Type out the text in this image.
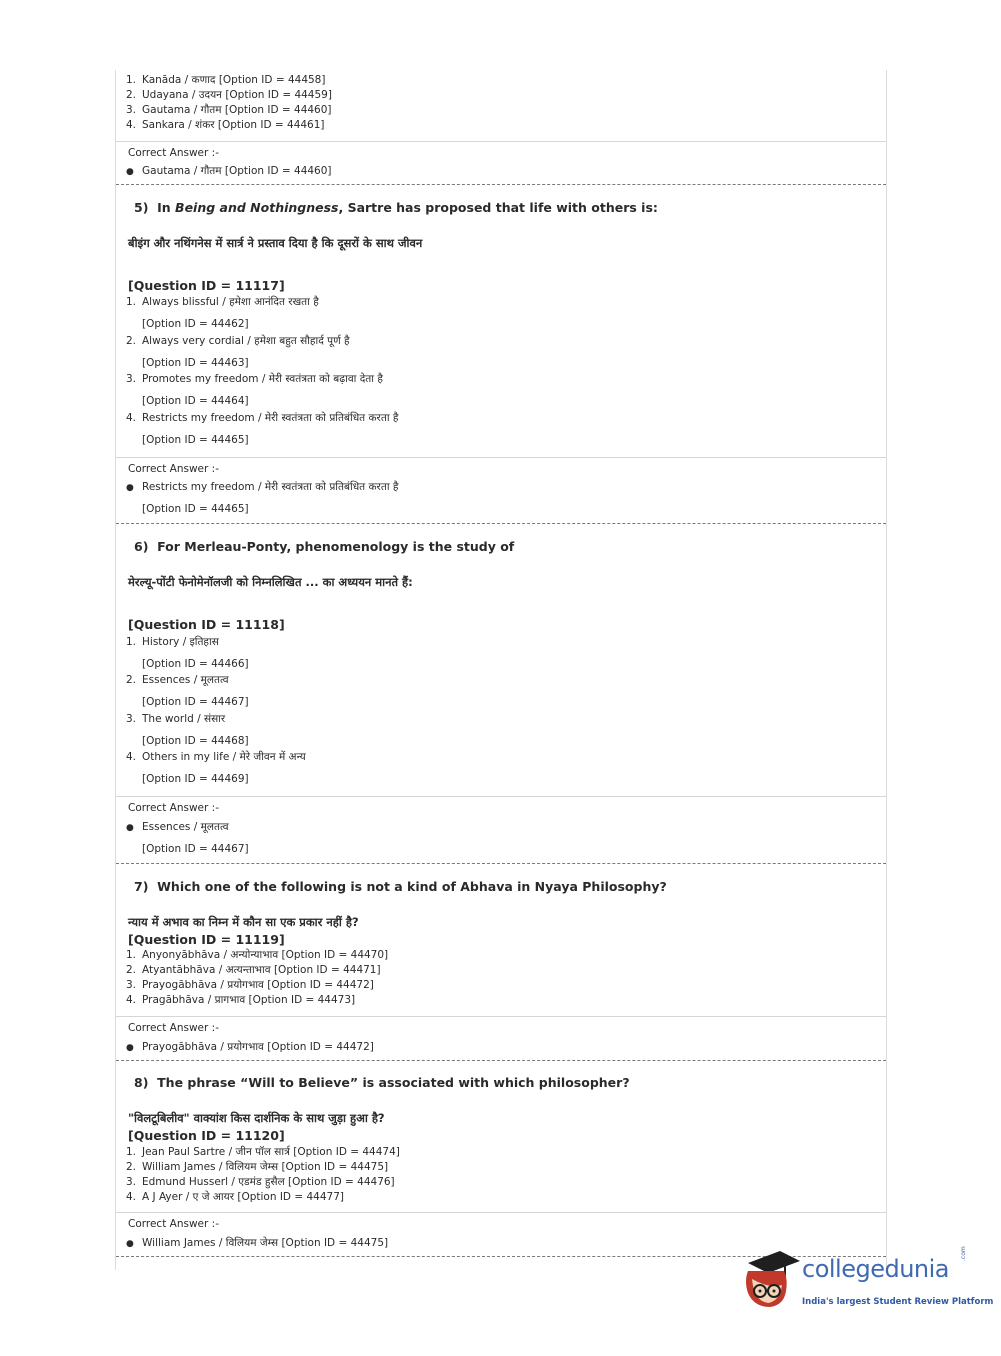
1. Kanāda / कणाद [Option ID = 44458]
2. Udayana / उदयन [Option ID = 44459]
3. Gautama / गौतम [Option ID = 44460]
4. Sankara / शंकर [Option ID = 44461]
Correct Answer :-
● Gautama / गौतम [Option ID = 44460]
5) In Being and Nothingness, Sartre has proposed that life with others is:
बीइंग और नथिंगनेस में सार्त्र ने प्रस्ताव दिया है कि दूसरों के साथ जीवन
[Question ID = 11117]
1. Always blissful / हमेशा आनंदित रखता है
[Option ID = 44462]
2. Always very cordial / हमेशा बहुत सौहार्द पूर्ण है
[Option ID = 44463]
3. Promotes my freedom / मेरी स्वतंत्रता को बढ़ावा देता है
[Option ID = 44464]
4. Restricts my freedom / मेरी स्वतंत्रता को प्रतिबंधित करता है
[Option ID = 44465]
Correct Answer :-
● Restricts my freedom / मेरी स्वतंत्रता को प्रतिबंधित करता है
[Option ID = 44465]
6) For Merleau-Ponty, phenomenology is the study of
मेरल्यू-पोंटी फेनोमेनॉलजी को निम्नलिखित ... का अध्ययन मानते हैं:
[Question ID = 11118]
1. History / इतिहास
[Option ID = 44466]
2. Essences / मूलतत्व
[Option ID = 44467]
3. The world / संसार
[Option ID = 44468]
4. Others in my life / मेरे जीवन में अन्य
[Option ID = 44469]
Correct Answer :-
● Essences / मूलतत्व
[Option ID = 44467]
7) Which one of the following is not a kind of Abhava in Nyaya Philosophy?
न्याय में अभाव का निम्न में कौन सा एक प्रकार नहीं है?
[Question ID = 11119]
1. Anyonyābhāva / अन्योन्याभाव [Option ID = 44470]
2. Atyantābhāva / अत्यन्ताभाव [Option ID = 44471]
3. Prayogābhāva / प्रयोगभाव [Option ID = 44472]
4. Pragābhāva / प्रागभाव [Option ID = 44473]
Correct Answer :-
● Prayogābhāva / प्रयोगभाव [Option ID = 44472]
8) The phrase “Will to Believe” is associated with which philosopher?
"विलटूबिलीव" वाक्यांश किस दार्शनिक के साथ जुड़ा हुआ है?
[Question ID = 11120]
1. Jean Paul Sartre / जीन पॉल सार्त्र [Option ID = 44474]
2. William James / विलियम जेम्स [Option ID = 44475]
3. Edmund Husserl / एडमंड हुसैल [Option ID = 44476]
4. A J Ayer / ए जे आयर [Option ID = 44477]
Correct Answer :-
● William James / विलियम जेम्स [Option ID = 44475]
collegedunia
.com
India's largest Student Review Platform
